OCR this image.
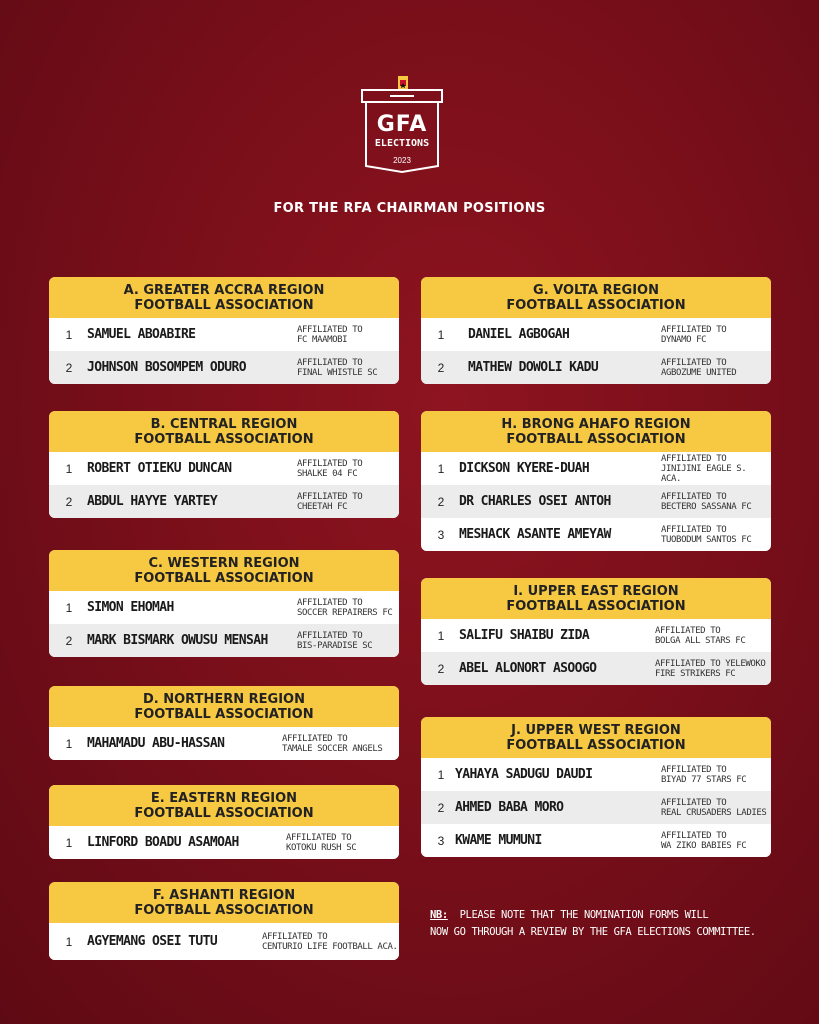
GFA
ELECTIONS
2023
FOR THE RFA CHAIRMAN POSITIONS
A. GREATER ACCRA REGION
FOOTBALL ASSOCIATION
1	SAMUEL ABOABIRE	AFFILIATED TO
FC MAAMOBI
2	JOHNSON BOSOMPEM ODURO	AFFILIATED TO
FINAL WHISTLE SC
B. CENTRAL REGION
FOOTBALL ASSOCIATION
1	ROBERT OTIEKU DUNCAN	AFFILIATED TO
SHALKE 04 FC
2	ABDUL HAYYE YARTEY	AFFILIATED TO
CHEETAH FC
C. WESTERN REGION
FOOTBALL ASSOCIATION
1	SIMON EHOMAH	AFFILIATED TO
SOCCER REPAIRERS FC
2	MARK BISMARK OWUSU MENSAH	AFFILIATED TO
BIS-PARADISE SC
D. NORTHERN REGION
FOOTBALL ASSOCIATION
1	MAHAMADU ABU-HASSAN	AFFILIATED TO
TAMALE SOCCER ANGELS
E. EASTERN REGION
FOOTBALL ASSOCIATION
1	LINFORD BOADU ASAMOAH	AFFILIATED TO
KOTOKU RUSH SC
F. ASHANTI REGION
FOOTBALL ASSOCIATION
1	AGYEMANG OSEI TUTU	AFFILIATED TO
CENTURIO LIFE FOOTBALL ACA.
G. VOLTA REGION
FOOTBALL ASSOCIATION
1	DANIEL AGBOGAH	AFFILIATED TO
DYNAMO FC
2	MATHEW DOWOLI KADU	AFFILIATED TO
AGBOZUME UNITED
H. BRONG AHAFO REGION
FOOTBALL ASSOCIATION
1	DICKSON KYERE-DUAH
AFFILIATED TO
JINIJINI EAGLE S. ACA.
2	DR CHARLES OSEI ANTOH	AFFILIATED TO
BECTERO SASSANA FC
3	MESHACK ASANTE AMEYAW	AFFILIATED TO
TUOBODUM SANTOS FC
I. UPPER EAST REGION
FOOTBALL ASSOCIATION
1	SALIFU SHAIBU ZIDA	AFFILIATED TO
BOLGA ALL STARS FC
2	ABEL ALONORT ASOOGO	AFFILIATED TO YELEWOKO
FIRE STRIKERS FC
J. UPPER WEST REGION
FOOTBALL ASSOCIATION
1 YAHAYA SADUGU DAUDI	AFFILIATED TO
BIYAD 77 STARS FC
2 AHMED BABA MORO	AFFILIATED TO
REAL CRUSADERS LADIES
3 KWAME MUMUNI	AFFILIATED TO
WA ZIKO BABIES FC
NB: PLEASE NOTE THAT THE NOMINATION FORMS WILL
NOW GO THROUGH A REVIEW BY THE GFA ELECTIONS COMMITTEE.
